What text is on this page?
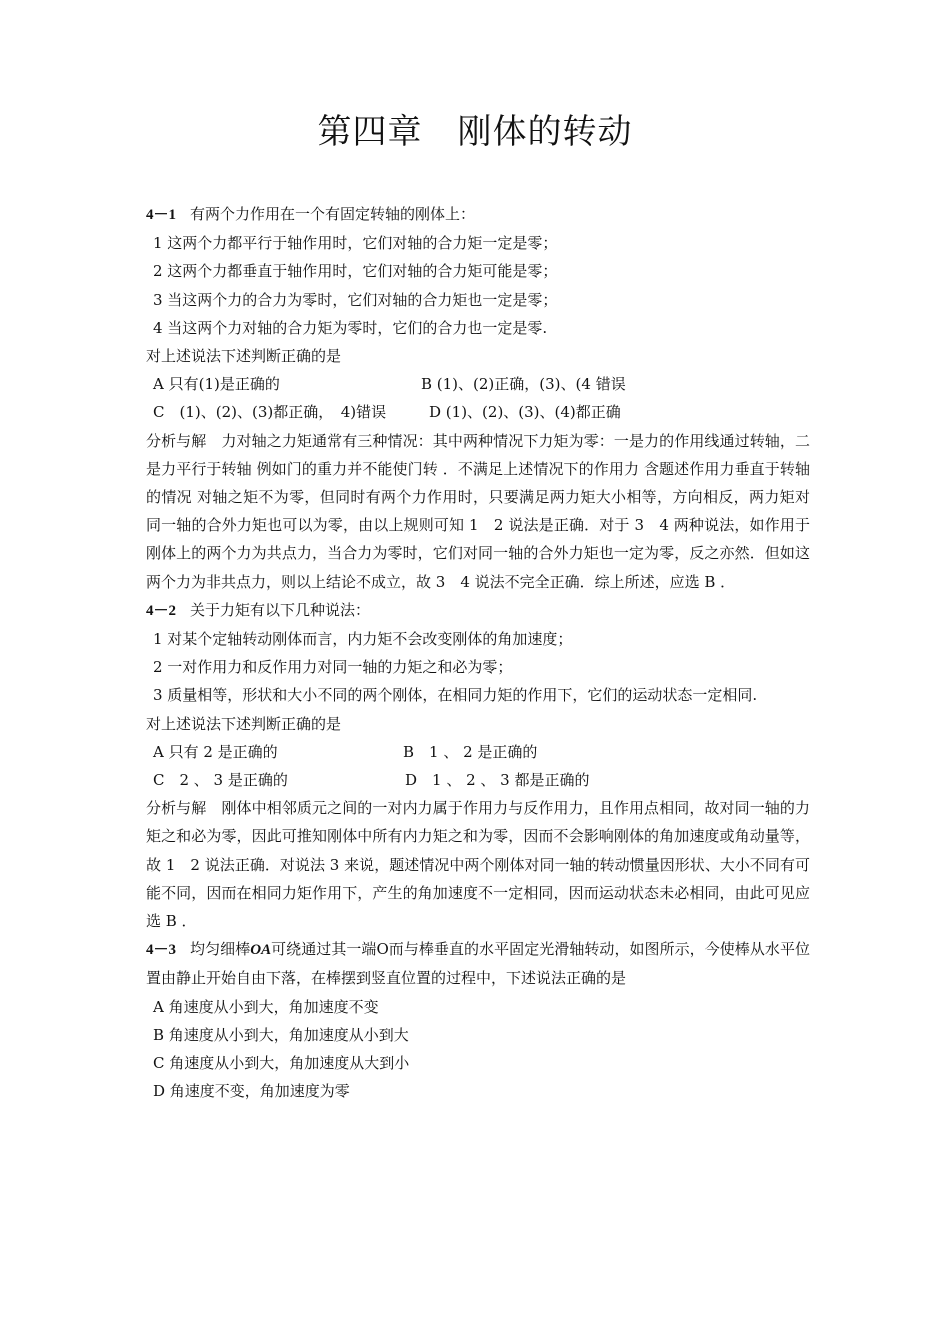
第四章　刚体的转动

4－1 有两个力作用在一个有固定转轴的刚体上：

1 这两个力都平行于轴作用时，它们对轴的合力矩一定是零；

2 这两个力都垂直于轴作用时，它们对轴的合力矩可能是零；

3 当这两个力的合力为零时，它们对轴的合力矩也一定是零；

4 当这两个力对轴的合力矩为零时，它们的合力也一定是零.

对上述说法下述判断正确的是

A 只有(1)是正确的	B (1)、(2)正确，(3)、(4 错误
C　(1)、(2)、(3)都正确，　4)错误	D (1)、(2)、(3)、(4)都正确

分析与解　力对轴之力矩通常有三种情况：其中两种情况下力矩为零：一是力的作用线通过转轴，二是力平行于转轴 例如门的重力并不能使门转 ．不满足上述情况下的作用力 含题述作用力垂直于转轴的情况 对轴之矩不为零，但同时有两个力作用时，只要满足两力矩大小相等，方向相反，两力矩对同一轴的合外力矩也可以为零，由以上规则可知 1　2 说法是正确．对于 3　4 两种说法，如作用于刚体上的两个力为共点力，当合力为零时，它们对同一轴的合外力矩也一定为零，反之亦然．但如这两个力为非共点力，则以上结论不成立，故 3　4 说法不完全正确．综上所述，应选 B ．

4－2 关于力矩有以下几种说法：

1 对某个定轴转动刚体而言，内力矩不会改变刚体的角加速度；

2 一对作用力和反作用力对同一轴的力矩之和必为零；

3 质量相等，形状和大小不同的两个刚体，在相同力矩的作用下，它们的运动状态一定相同.

对上述说法下述判断正确的是

A 只有 2 是正确的	B　1 、 2 是正确的
C　2 、 3 是正确的	D　1 、 2 、 3 都是正确的

分析与解　刚体中相邻质元之间的一对内力属于作用力与反作用力，且作用点相同，故对同一轴的力矩之和必为零，因此可推知刚体中所有内力矩之和为零，因而不会影响刚体的角加速度或角动量等，故 1　2 说法正确．对说法 3 来说，题述情况中两个刚体对同一轴的转动惯量因形状、大小不同有可能不同，因而在相同力矩作用下，产生的角加速度不一定相同，因而运动状态未必相同，由此可见应选 B ．

4－3 均匀细棒OA可绕通过其一端O而与棒垂直的水平固定光滑轴转动，如图所示，今使棒从水平位置由静止开始自由下落，在棒摆到竖直位置的过程中，下述说法正确的是

A 角速度从小到大，角加速度不变

B 角速度从小到大，角加速度从小到大

C 角速度从小到大，角加速度从大到小

D 角速度不变，角加速度为零
